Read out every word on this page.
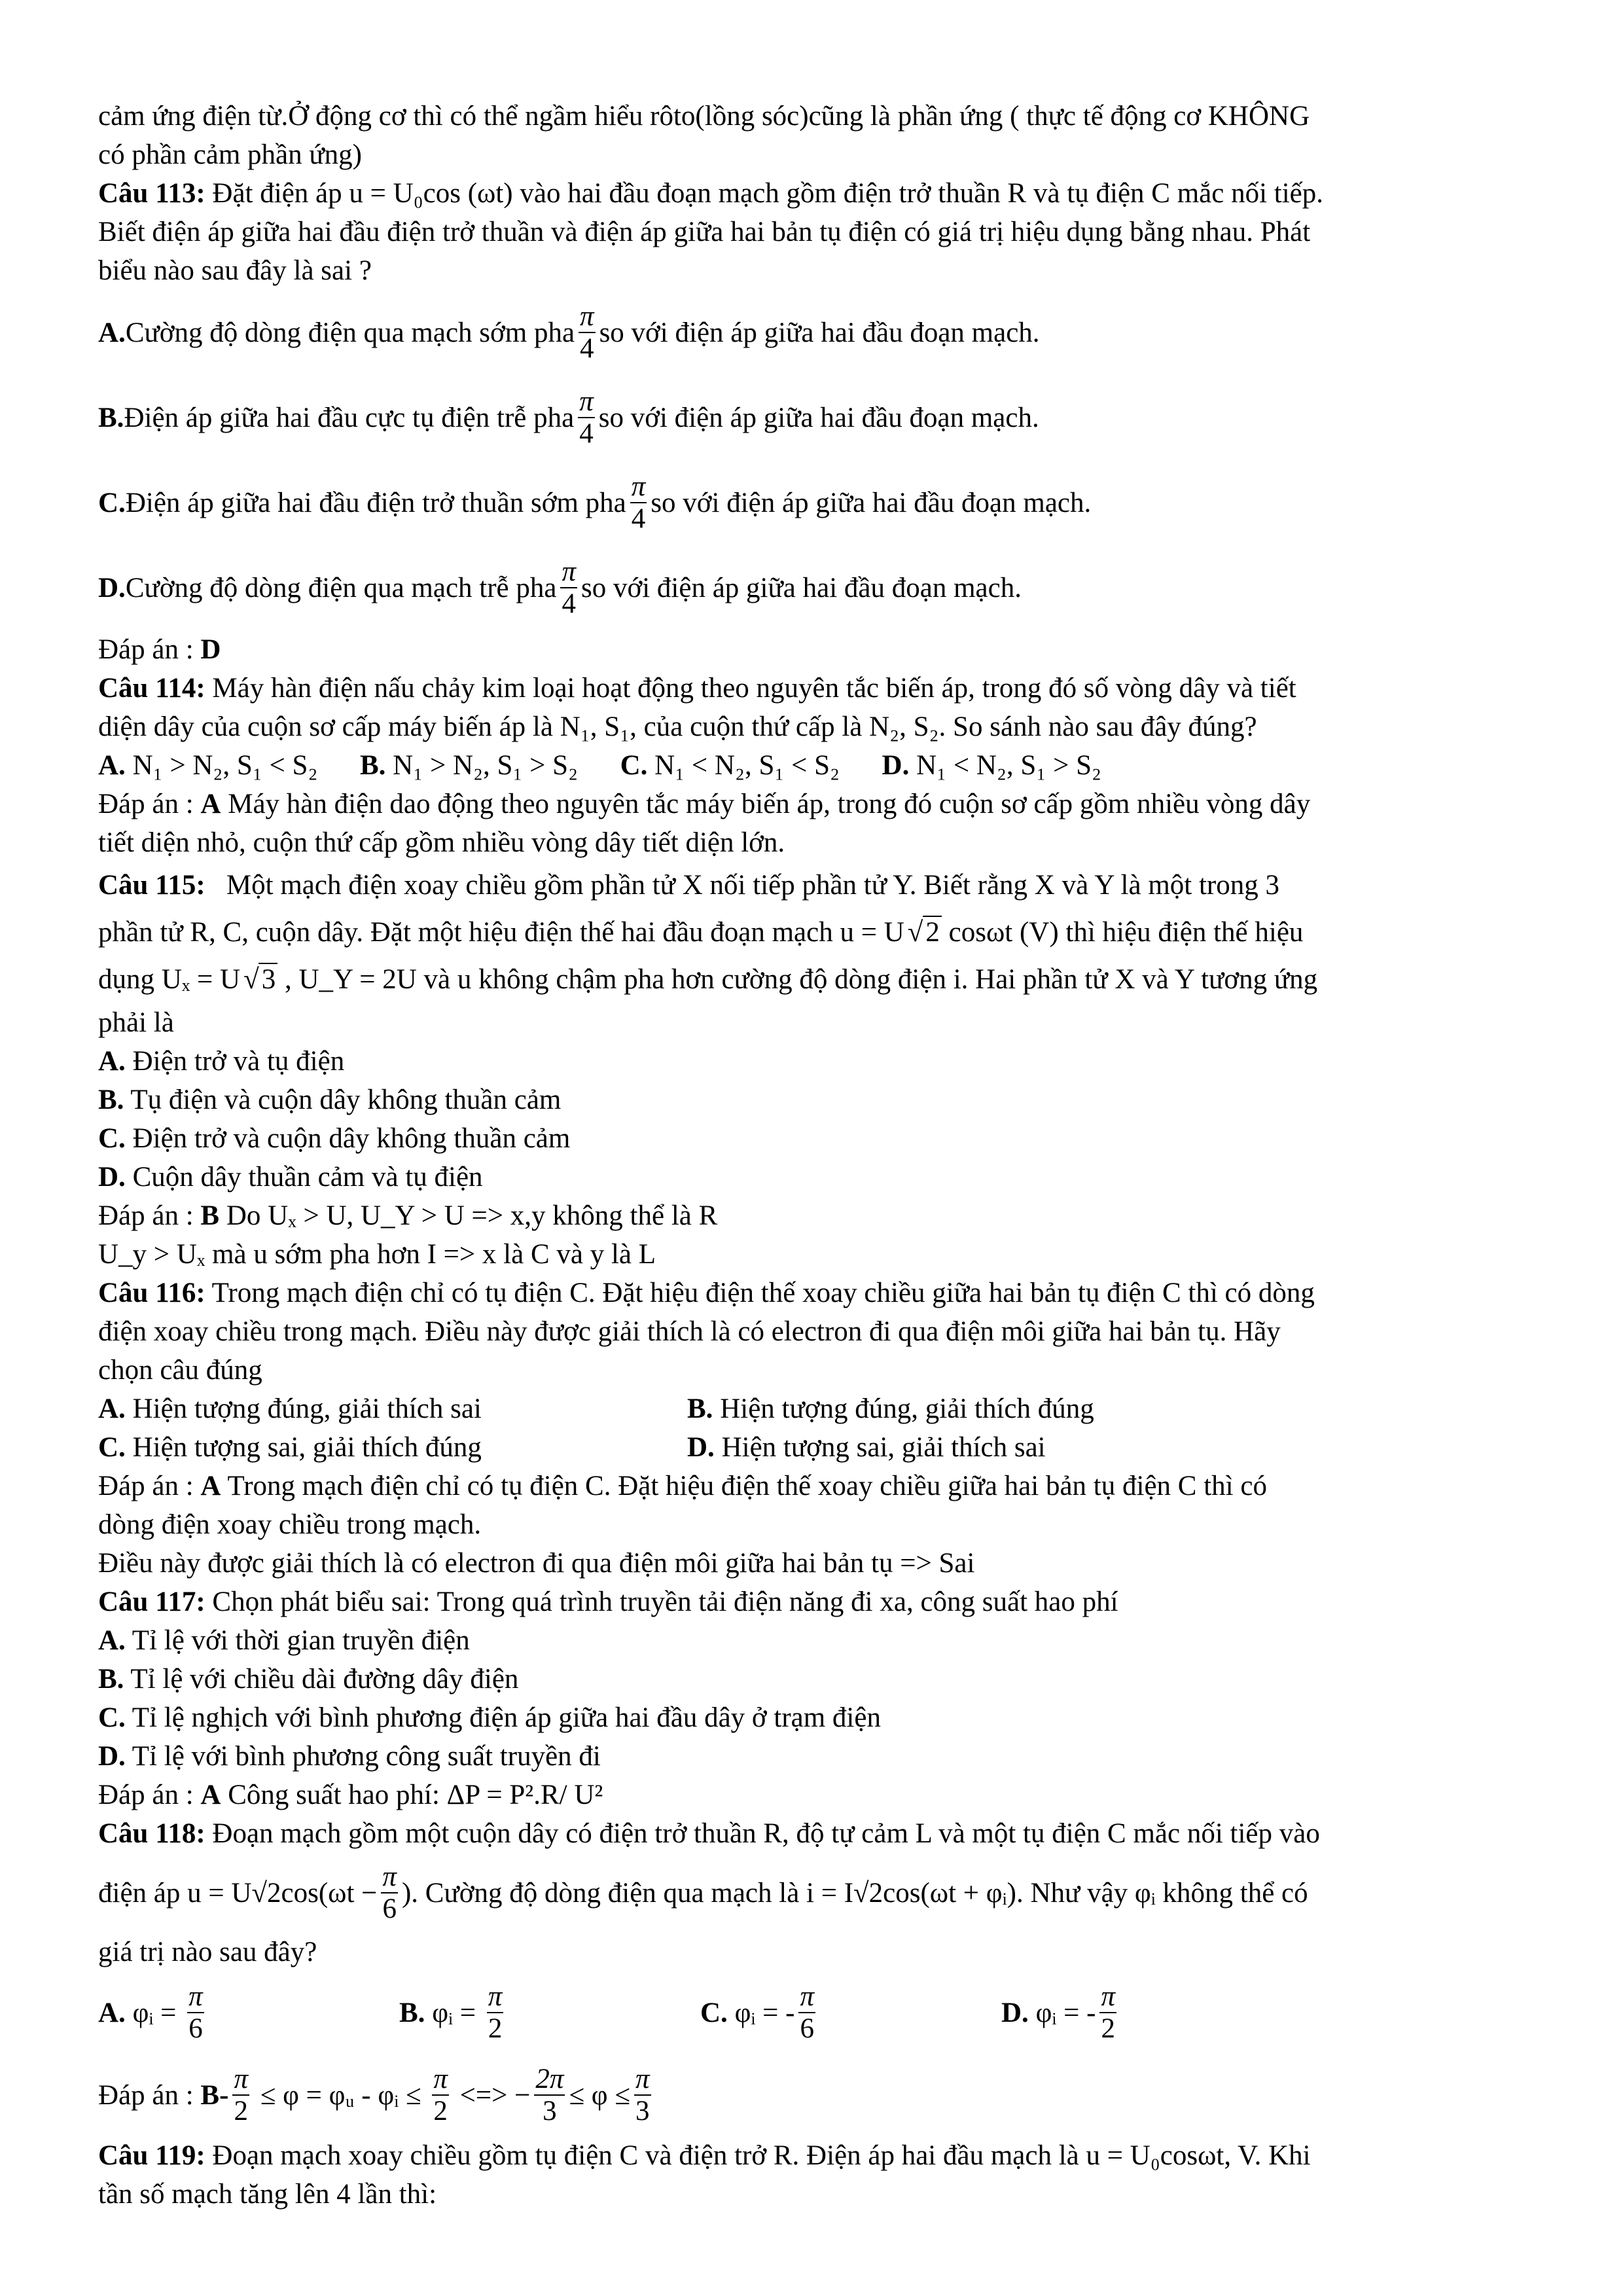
cảm ứng điện từ.Ở động cơ thì có thể ngầm hiểu rôto(lồng sóc)cũng là phần ứng ( thực tế động cơ KHÔNG
có phần cảm phần ứng)
Câu 113: Đặt điện áp u = U₀cos (ωt) vào hai đầu đoạn mạch gồm điện trở thuần R và tụ điện C mắc nối tiếp.
Biết điện áp giữa hai đầu điện trở thuần và điện áp giữa hai bản tụ điện có giá trị hiệu dụng bằng nhau. Phát
biểu nào sau đây là sai ?
A. Cường độ dòng điện qua mạch sớm pha $\frac{\pi}{4}$ so với điện áp giữa hai đầu đoạn mạch.
B. Điện áp giữa hai đầu cực tụ điện trễ pha $\frac{\pi}{4}$ so với điện áp giữa hai đầu đoạn mạch.
C. Điện áp giữa hai đầu điện trở thuần sớm pha $\frac{\pi}{4}$ so với điện áp giữa hai đầu đoạn mạch.
D. Cường độ dòng điện qua mạch trễ pha $\frac{\pi}{4}$ so với điện áp giữa hai đầu đoạn mạch.
Đáp án : D
Câu 114: Máy hàn điện nấu chảy kim loại hoạt động theo nguyên tắc biến áp, trong đó số vòng dây và tiết
diện dây của cuộn sơ cấp máy biến áp là N₁, S₁, của cuộn thứ cấp là N₂, S₂. So sánh nào sau đây đúng?
A. N₁ > N₂, S₁ < S₂ B. N₁ > N₂, S₁ > S₂ C. N₁ < N₂, S₁ < S₂ D. N₁ < N₂, S₁ > S₂
Đáp án : A Máy hàn điện dao động theo nguyên tắc máy biến áp, trong đó cuộn sơ cấp gồm nhiều vòng dây
tiết diện nhỏ, cuộn thứ cấp gồm nhiều vòng dây tiết diện lớn.
Câu 115:   Một mạch điện xoay chiều gồm phần tử X nối tiếp phần tử Y. Biết rằng X và Y là một trong 3
phần tử R, C, cuộn dây. Đặt một hiệu điện thế hai đầu đoạn mạch u = U √ 2 cosωt (V) thì hiệu điện thế hiệu
dụng Uₓ = U √ 3 , U_Y = 2U và u không chậm pha hơn cường độ dòng điện i. Hai phần tử X và Y tương ứng
phải là
A. Điện trở và tụ điện
B. Tụ điện và cuộn dây không thuần cảm
C. Điện trở và cuộn dây không thuần cảm
D. Cuộn dây thuần cảm và tụ điện
Đáp án : B Do Uₓ > U, U_Y > U => x,y không thể là R
U_y > Uₓ mà u sớm pha hơn I => x là C và y là L
Câu 116: Trong mạch điện chỉ có tụ điện C. Đặt hiệu điện thế xoay chiều giữa hai bản tụ điện C thì có dòng
điện xoay chiều trong mạch. Điều này được giải thích là có electron đi qua điện môi giữa hai bản tụ. Hãy
chọn câu đúng
A. Hiện tượng đúng, giải thích sai	B. Hiện tượng đúng, giải thích đúng
C. Hiện tượng sai, giải thích đúng	D. Hiện tượng sai, giải thích sai
Đáp án : A Trong mạch điện chỉ có tụ điện C. Đặt hiệu điện thế xoay chiều giữa hai bản tụ điện C thì có
dòng điện xoay chiều trong mạch.
Điều này được giải thích là có electron đi qua điện môi giữa hai bản tụ => Sai
Câu 117: Chọn phát biểu sai: Trong quá trình truyền tải điện năng đi xa, công suất hao phí
A. Tỉ lệ với thời gian truyền điện
B. Tỉ lệ với chiều dài đường dây điện
C. Tỉ lệ nghịch với bình phương điện áp giữa hai đầu dây ở trạm điện
D. Tỉ lệ với bình phương công suất truyền đi
Đáp án : A Công suất hao phí: ΔP = P².R/ U²
Câu 118: Đoạn mạch gồm một cuộn dây có điện trở thuần R, độ tự cảm L và một tụ điện C mắc nối tiếp vào
điện áp $u = U√2\cos(\omega t - \frac{\pi}{6}$ ). Cường độ dòng điện qua mạch là i = I√2cos(ωt + φᵢ). Như vậy φᵢ không thể có
giá trị nào sau đây?
A. φᵢ = $\frac{\pi}{6}$	B. φᵢ = $\frac{\pi}{2}$	C. φᵢ = - $\frac{\pi}{6}$	D. φᵢ = - $\frac{\pi}{2}$
Đáp án : $B - \frac{\pi}{2} \le \varphi$ = φᵤ - φᵢ ≤ $\frac{\pi}{2}$ <=> − $\frac{2\pi}{3} \le \varphi \le \frac{\pi}{3}$
Câu 119: Đoạn mạch xoay chiều gồm tụ điện C và điện trở R. Điện áp hai đầu mạch là u = U₀cosωt, V. Khi
tần số mạch tăng lên 4 lần thì:
